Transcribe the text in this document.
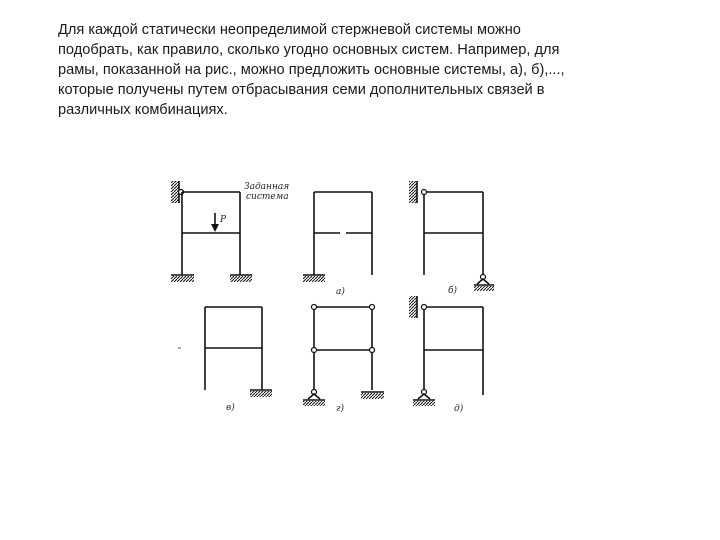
Для каждой статически неопределимой стержневой системы можно
подобрать, как правило, сколько угодно основных систем. Например, для
рамы, показанной на рис., можно предложить основные системы, а), б),...,
которые получены путем отбрасывания семи дополнительных связей в
различных комбинациях.
P
Заданная
система
а)	б)
в)	г)	д)
